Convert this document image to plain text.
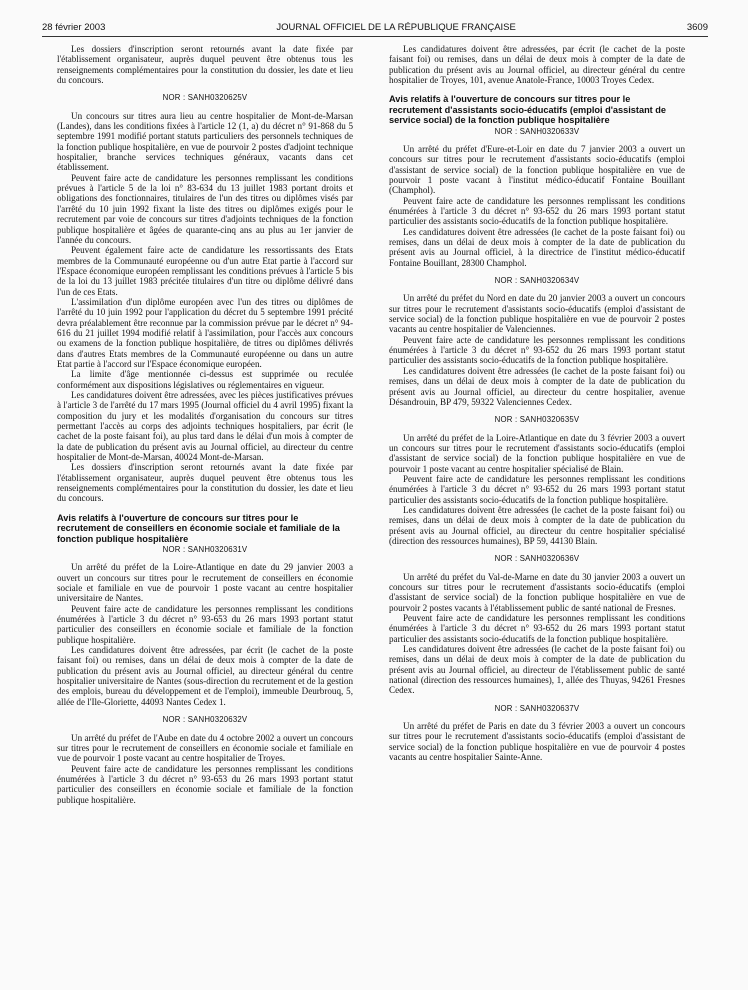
28 février 2003	JOURNAL OFFICIEL DE LA RÉPUBLIQUE FRANÇAISE	3609

Les dossiers d'inscription seront retournés avant la date fixée par l'établissement organisateur, auprès duquel peuvent être obtenus tous les renseignements complémentaires pour la constitution du dossier, les date et lieu du concours.

NOR : SANH0320625V

Un concours sur titres aura lieu au centre hospitalier de Mont-de-Marsan (Landes), dans les conditions fixées à l'article 12 (1, a) du décret n° 91-868 du 5 septembre 1991 modifié portant statuts particuliers des personnels techniques de la fonction publique hospitalière, en vue de pourvoir 2 postes d'adjoint technique hospitalier, branche services techniques généraux, vacants dans cet établissement.

Peuvent faire acte de candidature les personnes remplissant les conditions prévues à l'article 5 de la loi n° 83-634 du 13 juillet 1983 portant droits et obligations des fonctionnaires, titulaires de l'un des titres ou diplômes visés par l'arrêté du 10 juin 1992 fixant la liste des titres ou diplômes exigés pour le recrutement par voie de concours sur titres d'adjoints techniques de la fonction publique hospitalière et âgées de quarante-cinq ans au plus au 1er janvier de l'année du concours.

Peuvent également faire acte de candidature les ressortissants des Etats membres de la Communauté européenne ou d'un autre Etat partie à l'accord sur l'Espace économique européen remplissant les conditions prévues à l'article 5 bis de la loi du 13 juillet 1983 précitée titulaires d'un titre ou diplôme délivré dans l'un de ces Etats.

L'assimilation d'un diplôme européen avec l'un des titres ou diplômes de l'arrêté du 10 juin 1992 pour l'application du décret du 5 septembre 1991 précité devra préalablement être reconnue par la commission prévue par le décret n° 94-616 du 21 juillet 1994 modifié relatif à l'assimilation, pour l'accès aux concours ou examens de la fonction publique hospitalière, de titres ou diplômes délivrés dans d'autres Etats membres de la Communauté européenne ou dans un autre Etat partie à l'accord sur l'Espace économique européen.

La limite d'âge mentionnée ci-dessus est supprimée ou reculée conformément aux dispositions législatives ou réglementaires en vigueur.

Les candidatures doivent être adressées, avec les pièces justificatives prévues à l'article 3 de l'arrêté du 17 mars 1995 (Journal officiel du 4 avril 1995) fixant la composition du jury et les modalités d'organisation du concours sur titres permettant l'accès au corps des adjoints techniques hospitaliers, par écrit (le cachet de la poste faisant foi), au plus tard dans le délai d'un mois à compter de la date de publication du présent avis au Journal officiel, au directeur du centre hospitalier de Mont-de-Marsan, 40024 Mont-de-Marsan.

Les dossiers d'inscription seront retournés avant la date fixée par l'établissement organisateur, auprès duquel peuvent être obtenus tous les renseignements complémentaires pour la constitution du dossier, les date et lieu du concours.

Avis relatifs à l'ouverture de concours sur titres pour le recrutement de conseillers en économie sociale et familiale de la fonction publique hospitalière
NOR : SANH0320631V

Un arrêté du préfet de la Loire-Atlantique en date du 29 janvier 2003 a ouvert un concours sur titres pour le recrutement de conseillers en économie sociale et familiale en vue de pourvoir 1 poste vacant au centre hospitalier universitaire de Nantes.

Peuvent faire acte de candidature les personnes remplissant les conditions énumérées à l'article 3 du décret n° 93-653 du 26 mars 1993 portant statut particulier des conseillers en économie sociale et familiale de la fonction publique hospitalière.

Les candidatures doivent être adressées, par écrit (le cachet de la poste faisant foi) ou remises, dans un délai de deux mois à compter de la date de publication du présent avis au Journal officiel, au directeur général du centre hospitalier universitaire de Nantes (sous-direction du recrutement et de la gestion des emplois, bureau du développement et de l'emploi), immeuble Deurbrouq, 5, allée de l'Ile-Gloriette, 44093 Nantes Cedex 1.

NOR : SANH0320632V

Un arrêté du préfet de l'Aube en date du 4 octobre 2002 a ouvert un concours sur titres pour le recrutement de conseillers en économie sociale et familiale en vue de pourvoir 1 poste vacant au centre hospitalier de Troyes.

Peuvent faire acte de candidature les personnes remplissant les conditions énumérées à l'article 3 du décret n° 93-653 du 26 mars 1993 portant statut particulier des conseillers en économie sociale et familiale de la fonction publique hospitalière.

Les candidatures doivent être adressées, par écrit (le cachet de la poste faisant foi) ou remises, dans un délai de deux mois à compter de la date de publication du présent avis au Journal officiel, au directeur général du centre hospitalier de Troyes, 101, avenue Anatole-France, 10003 Troyes Cedex.

Avis relatifs à l'ouverture de concours sur titres pour le recrutement d'assistants socio-éducatifs (emploi d'assistant de service social) de la fonction publique hospitalière
NOR : SANH0320633V

Un arrêté du préfet d'Eure-et-Loir en date du 7 janvier 2003 a ouvert un concours sur titres pour le recrutement d'assistants socio-éducatifs (emploi d'assistant de service social) de la fonction publique hospitalière en vue de pourvoir 1 poste vacant à l'institut médico-éducatif Fontaine Bouillant (Champhol).

Peuvent faire acte de candidature les personnes remplissant les conditions énumérées à l'article 3 du décret n° 93-652 du 26 mars 1993 portant statut particulier des assistants socio-éducatifs de la fonction publique hospitalière.

Les candidatures doivent être adressées (le cachet de la poste faisant foi) ou remises, dans un délai de deux mois à compter de la date de publication du présent avis au Journal officiel, à la directrice de l'institut médico-éducatif Fontaine Bouillant, 28300 Champhol.

NOR : SANH0320634V

Un arrêté du préfet du Nord en date du 20 janvier 2003 a ouvert un concours sur titres pour le recrutement d'assistants socio-éducatifs (emploi d'assistant de service social) de la fonction publique hospitalière en vue de pourvoir 2 postes vacants au centre hospitalier de Valenciennes.

Peuvent faire acte de candidature les personnes remplissant les conditions énumérées à l'article 3 du décret n° 93-652 du 26 mars 1993 portant statut particulier des assistants socio-éducatifs de la fonction publique hospitalière.

Les candidatures doivent être adressées (le cachet de la poste faisant foi) ou remises, dans un délai de deux mois à compter de la date de publication du présent avis au Journal officiel, au directeur du centre hospitalier, avenue Désandrouin, BP 479, 59322 Valenciennes Cedex.

NOR : SANH0320635V

Un arrêté du préfet de la Loire-Atlantique en date du 3 février 2003 a ouvert un concours sur titres pour le recrutement d'assistants socio-éducatifs (emploi d'assistant de service social) de la fonction publique hospitalière en vue de pourvoir 1 poste vacant au centre hospitalier spécialisé de Blain.

Peuvent faire acte de candidature les personnes remplissant les conditions énumérées à l'article 3 du décret n° 93-652 du 26 mars 1993 portant statut particulier des assistants socio-éducatifs de la fonction publique hospitalière.

Les candidatures doivent être adressées (le cachet de la poste faisant foi) ou remises, dans un délai de deux mois à compter de la date de publication du présent avis au Journal officiel, au directeur du centre hospitalier spécialisé (direction des ressources humaines), BP 59, 44130 Blain.

NOR : SANH0320636V

Un arrêté du préfet du Val-de-Marne en date du 30 janvier 2003 a ouvert un concours sur titres pour le recrutement d'assistants socio-éducatifs (emploi d'assistant de service social) de la fonction publique hospitalière en vue de pourvoir 2 postes vacants à l'établissement public de santé national de Fresnes.

Peuvent faire acte de candidature les personnes remplissant les conditions énumérées à l'article 3 du décret n° 93-652 du 26 mars 1993 portant statut particulier des assistants socio-éducatifs de la fonction publique hospitalière.

Les candidatures doivent être adressées (le cachet de la poste faisant foi) ou remises, dans un délai de deux mois à compter de la date de publication du présent avis au Journal officiel, au directeur de l'établissement public de santé national (direction des ressources humaines), 1, allée des Thuyas, 94261 Fresnes Cedex.

NOR : SANH0320637V

Un arrêté du préfet de Paris en date du 3 février 2003 a ouvert un concours sur titres pour le recrutement d'assistants socio-éducatifs (emploi d'assistant de service social) de la fonction publique hospitalière en vue de pourvoir 4 postes vacants au centre hospitalier Sainte-Anne.
